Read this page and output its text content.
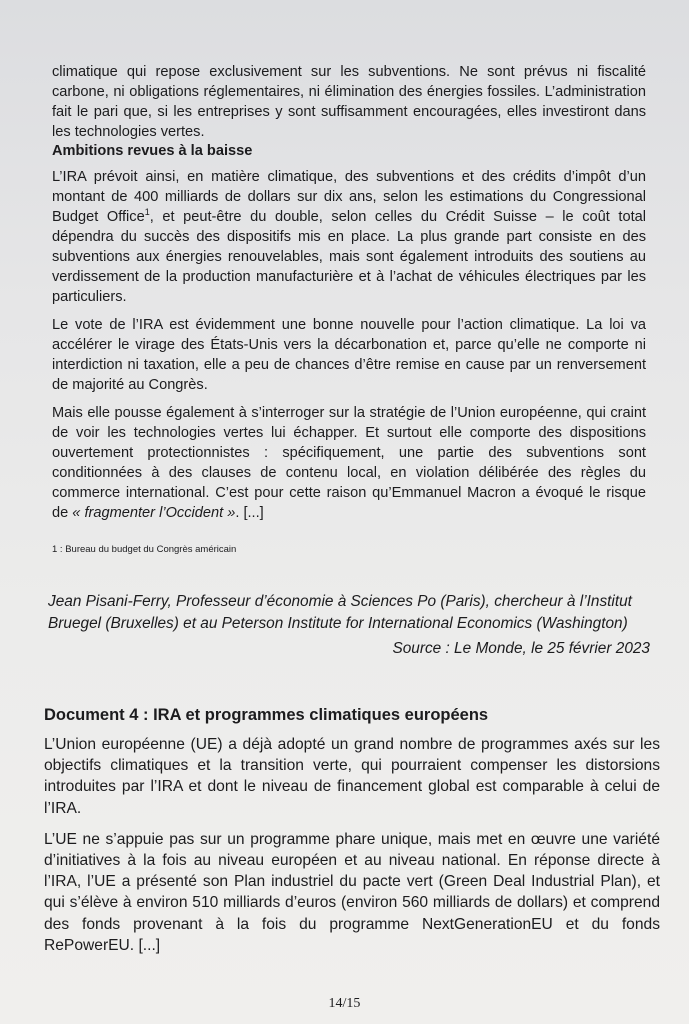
climatique qui repose exclusivement sur les subventions. Ne sont prévus ni fiscalité carbone, ni obligations réglementaires, ni élimination des énergies fossiles. L’administration fait le pari que, si les entreprises y sont suffisamment encouragées, elles investiront dans les technologies vertes.

Ambitions revues à la baisse

L’IRA prévoit ainsi, en matière climatique, des subventions et des crédits d’impôt d’un montant de 400 milliards de dollars sur dix ans, selon les estimations du Congressional Budget Office$^1$, et peut-être du double, selon celles du Crédit Suisse – le coût total dépendra du succès des dispositifs mis en place. La plus grande part consiste en des subventions aux énergies renouvelables, mais sont également introduits des soutiens au verdissement de la production manufacturière et à l’achat de véhicules électriques par les particuliers.

Le vote de l’IRA est évidemment une bonne nouvelle pour l’action climatique. La loi va accélérer le virage des États-Unis vers la décarbonation et, parce qu’elle ne comporte ni interdiction ni taxation, elle a peu de chances d’être remise en cause par un renversement de majorité au Congrès.

Mais elle pousse également à s’interroger sur la stratégie de l’Union européenne, qui craint de voir les technologies vertes lui échapper. Et surtout elle comporte des dispositions ouvertement protectionnistes : spécifiquement, une partie des subventions sont conditionnées à des clauses de contenu local, en violation délibérée des règles du commerce international. C’est pour cette raison qu’Emmanuel Macron a évoqué le risque de « fragmenter l’Occident ». [...]

1 : Bureau du budget du Congrès américain
Jean Pisani-Ferry, Professeur d’économie à Sciences Po (Paris), chercheur à l’Institut Bruegel (Bruxelles) et au Peterson Institute for International Economics (Washington)
Source : Le Monde, le 25 février 2023
Document 4 : IRA et programmes climatiques européens

L’Union européenne (UE) a déjà adopté un grand nombre de programmes axés sur les objectifs climatiques et la transition verte, qui pourraient compenser les distorsions introduites par l’IRA et dont le niveau de financement global est comparable à celui de l’IRA.

L’UE ne s’appuie pas sur un programme phare unique, mais met en œuvre une variété d’initiatives à la fois au niveau européen et au niveau national. En réponse directe à l’IRA, l’UE a présenté son Plan industriel du pacte vert (Green Deal Industrial Plan), et qui s’élève à environ 510 milliards d’euros (environ 560 milliards de dollars) et comprend des fonds provenant à la fois du programme NextGenerationEU et du fonds RePowerEU. [...]

14/15
